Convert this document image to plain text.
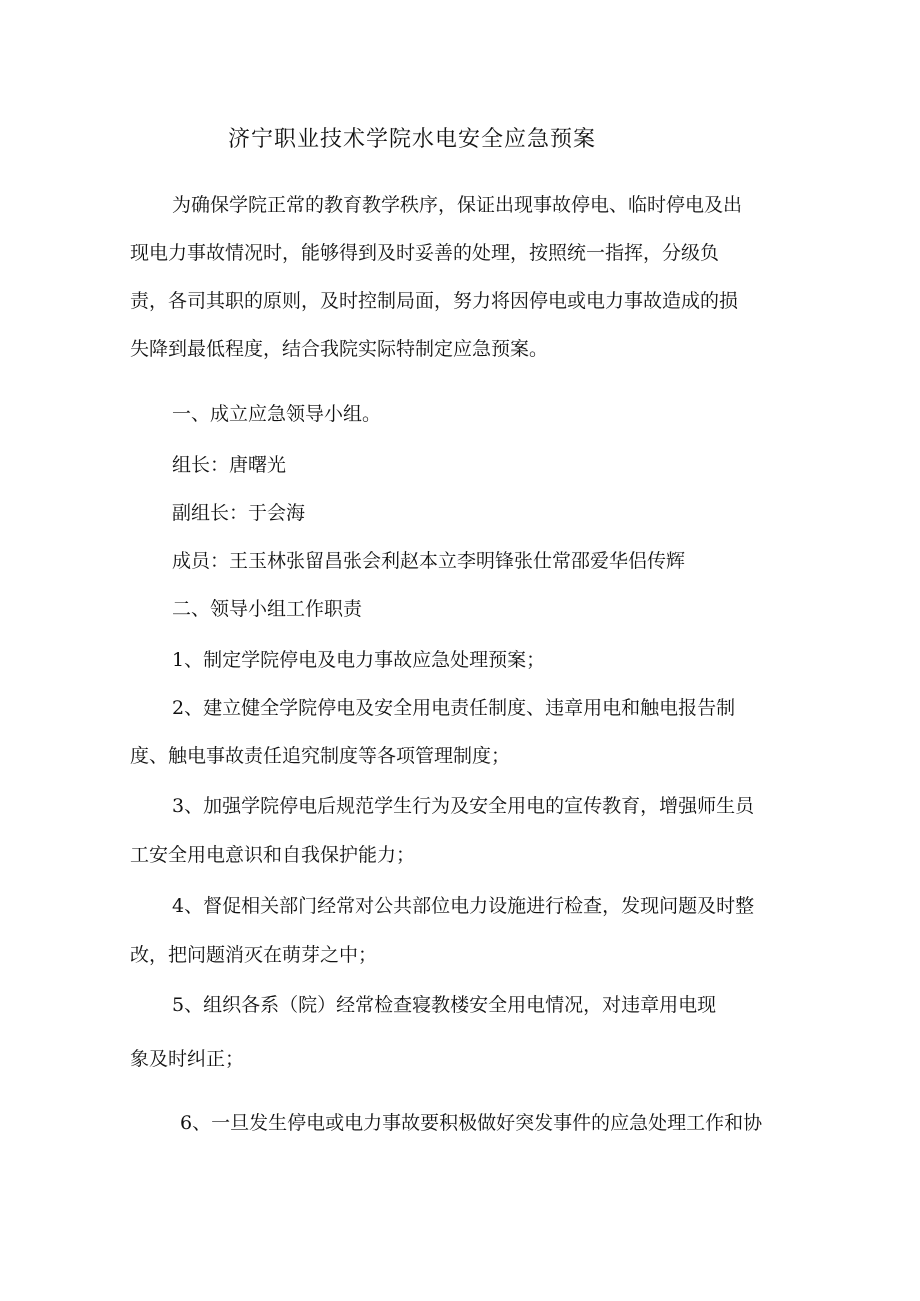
济宁职业技术学院水电安全应急预案
为确保学院正常的教育教学秩序，保证出现事故停电、临时停电及出
现电力事故情况时，能够得到及时妥善的处理，按照统一指挥，分级负
责，各司其职的原则，及时控制局面，努力将因停电或电力事故造成的损
失降到最低程度，结合我院实际特制定应急预案。
一、成立应急领导小组。
组长：唐曙光
副组长：于会海
成员：王玉林张留昌张会利赵本立李明锋张仕常邵爱华侣传辉
二、领导小组工作职责
1、制定学院停电及电力事故应急处理预案；
2、建立健全学院停电及安全用电责任制度、违章用电和触电报告制
度、触电事故责任追究制度等各项管理制度；
3、加强学院停电后规范学生行为及安全用电的宣传教育，增强师生员
工安全用电意识和自我保护能力；
4、督促相关部门经常对公共部位电力设施进行检查，发现问题及时整
改，把问题消灭在萌芽之中；
5、组织各系（院）经常检查寝教楼安全用电情况，对违章用电现
象及时纠正；
6、一旦发生停电或电力事故要积极做好突发事件的应急处理工作和协
